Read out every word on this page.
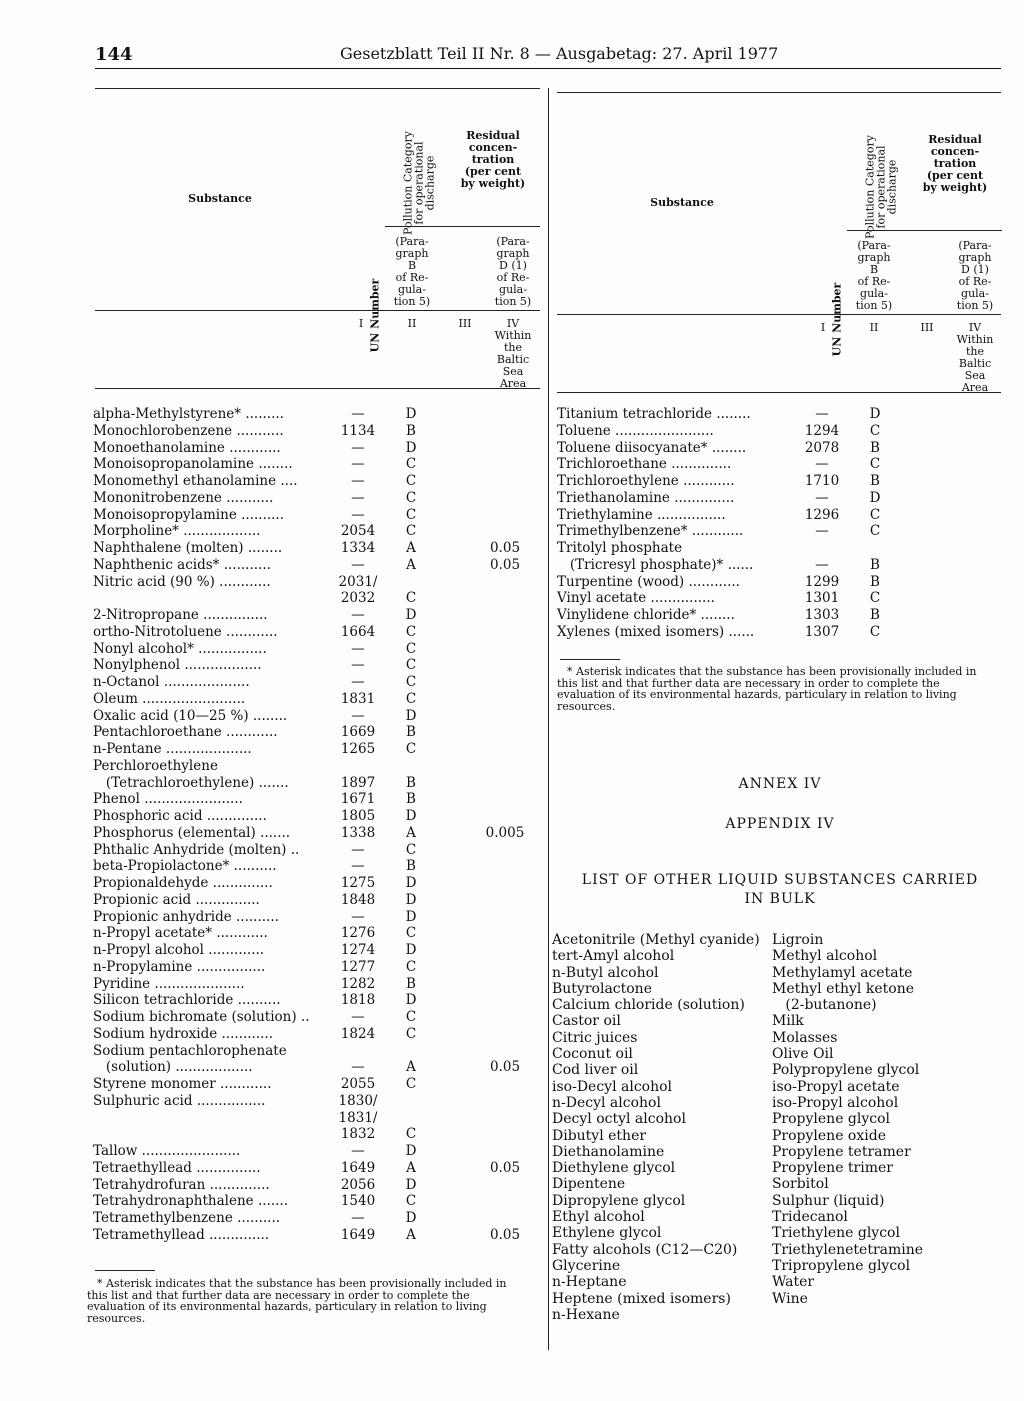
144	Gesetzblatt Teil II Nr. 8 — Ausgabetag: 27. April 1977
Substance
UN Number
Pollution Category
for operational
discharge
Residual
concen-
tration
(per cent
by weight)
(Para-
graph
B
of Re-
gula-
tion 5)
(Para-
graph
D (1)
of Re-
gula-
tion 5)
I	II	III	IV
Within
the
Baltic
Sea
Area
Substance
UN Number
Pollution Category
for operational
discharge
Residual
concen-
tration
(per cent
by weight)
(Para-
graph
B
of Re-
gula-
tion 5)
(Para-
graph
D (1)
of Re-
gula-
tion 5)
I	II	III	IV
Within
the
Baltic
Sea
Area
alpha-Methylstyrene* .........	—	D
Monochlorobenzene ...........	1134	B
Monoethanolamine ............	—	D
Monoisopropanolamine ........	—	C
Monomethyl ethanolamine ....	—	C
Mononitrobenzene ...........	—	C
Monoisopropylamine ..........	—	C
Morpholine* ..................	2054	C
Naphthalene (molten) ........	1334	A	0.05
Naphthenic acids* ...........	—	A	0.05
Nitric acid (90 %) ............	2031/
2032	C
2-Nitropropane ...............	—	D
ortho-Nitrotoluene ............	1664	C
Nonyl alcohol* ................	—	C
Nonylphenol ..................	—	C
n-Octanol ....................	—	C
Oleum ........................	1831	C
Oxalic acid (10—25 %) ........	—	D
Pentachloroethane ............	1669	B
n-Pentane ....................	1265	C
Perchloroethylene
(Tetrachloroethylene) .......	1897	B
Phenol .......................	1671	B
Phosphoric acid ..............	1805	D
Phosphorus (elemental) .......	1338	A	0.005
Phthalic Anhydride (molten) ..	—	C
beta-Propiolactone* ..........	—	B
Propionaldehyde ..............	1275	D
Propionic acid ...............	1848	D
Propionic anhydride ..........	—	D
n-Propyl acetate* ............	1276	C
n-Propyl alcohol .............	1274	D
n-Propylamine ................	1277	C
Pyridine .....................	1282	B
Silicon tetrachloride ..........	1818	D
Sodium bichromate (solution) ..	—	C
Sodium hydroxide ............	1824	C
Sodium pentachlorophenate
(solution) ..................	—	A	0.05
Styrene monomer ............	2055	C
Sulphuric acid ................	1830/
1831/
1832	C
Tallow .......................	—	D
Tetraethyllead ...............	1649	A	0.05
Tetrahydrofuran ..............	2056	D
Tetrahydronaphthalene .......	1540	C
Tetramethylbenzene ..........	—	D
Tetramethyllead ..............	1649	A	0.05
Titanium tetrachloride ........	—	D
Toluene .......................	1294	C
Toluene diisocyanate* ........	2078	B
Trichloroethane ..............	—	C
Trichloroethylene ............	1710	B
Triethanolamine ..............	—	D
Triethylamine ................	1296	C
Trimethylbenzene* ............	—	C
Tritolyl phosphate
(Tricresyl phosphate)* ......	—	B
Turpentine (wood) ............	1299	B
Vinyl acetate ...............	1301	C
Vinylidene chloride* ........	1303	B
Xylenes (mixed isomers) ......	1307	C
* Asterisk indicates that the substance has been provisionally included in this list and that further data are necessary in order to complete the evaluation of its environmental hazards, particulary in relation to living resources.
* Asterisk indicates that the substance has been provisionally included in this list and that further data are necessary in order to complete the evaluation of its environmental hazards, particulary in relation to living resources.
ANNEX IV
APPENDIX IV
LIST OF OTHER LIQUID SUBSTANCES CARRIED
IN BULK
Acetonitrile (Methyl cyanide)
tert-Amyl alcohol
n-Butyl alcohol
Butyrolactone
Calcium chloride (solution)
Castor oil
Citric juices
Coconut oil
Cod liver oil
iso-Decyl alcohol
n-Decyl alcohol
Decyl octyl alcohol
Dibutyl ether
Diethanolamine
Diethylene glycol
Dipentene
Dipropylene glycol
Ethyl alcohol
Ethylene glycol
Fatty alcohols (C12—C20)
Glycerine
n-Heptane
Heptene (mixed isomers)
n-Hexane
Ligroin
Methyl alcohol
Methylamyl acetate
Methyl ethyl ketone
(2-butanone)
Milk
Molasses
Olive Oil
Polypropylene glycol
iso-Propyl acetate
iso-Propyl alcohol
Propylene glycol
Propylene oxide
Propylene tetramer
Propylene trimer
Sorbitol
Sulphur (liquid)
Tridecanol
Triethylene glycol
Triethylenetetramine
Tripropylene glycol
Water
Wine
